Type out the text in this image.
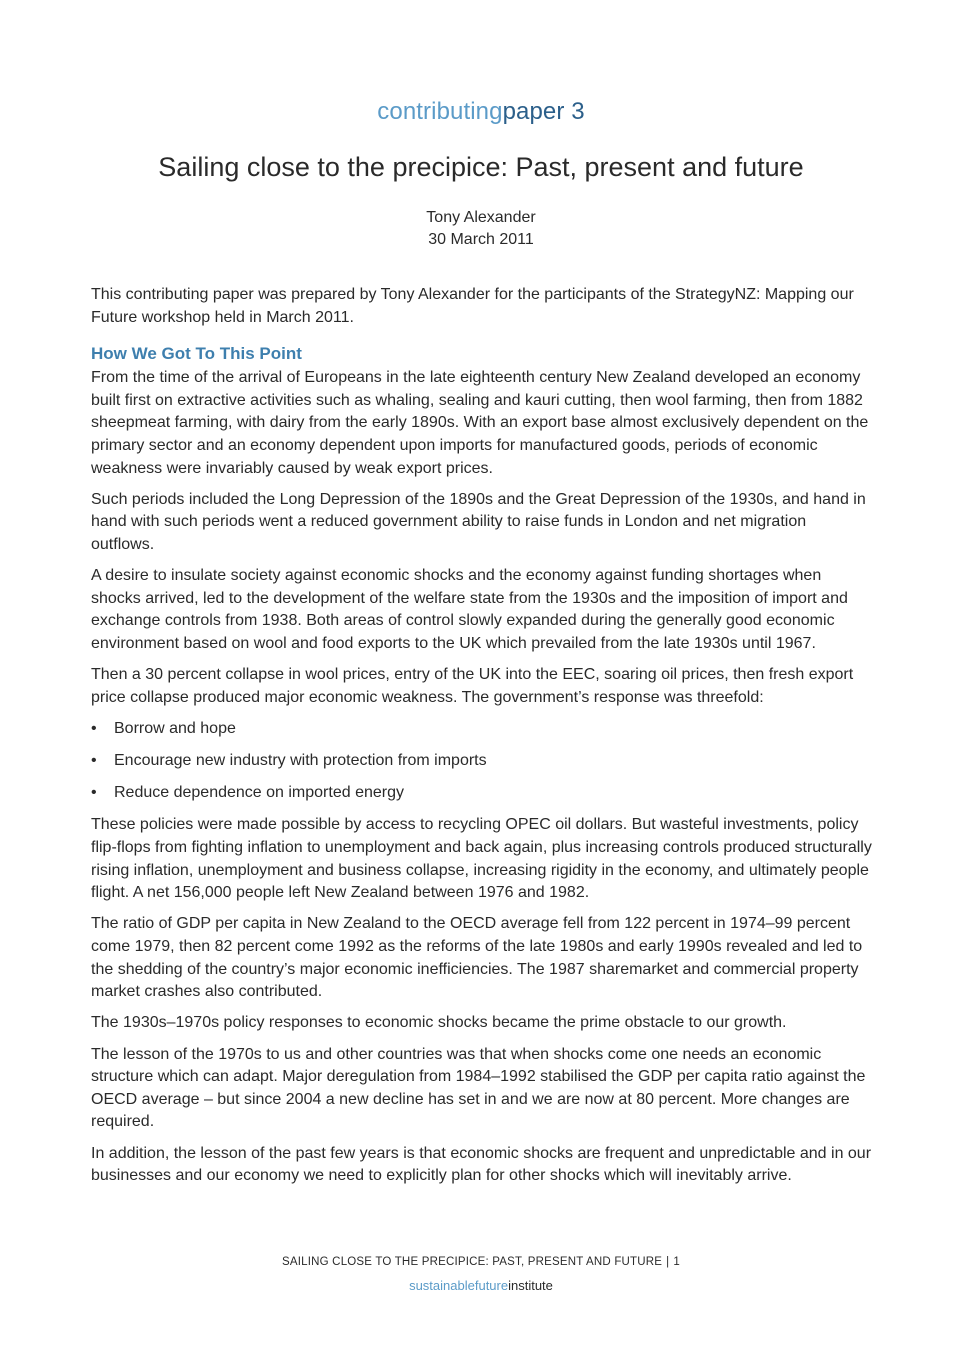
contributingpaper 3
Sailing close to the precipice: Past, present and future
Tony Alexander
30 March 2011

This contributing paper was prepared by Tony Alexander for the participants of the StrategyNZ: Mapping our Future workshop held in March 2011.

How We Got To This Point

From the time of the arrival of Europeans in the late eighteenth century New Zealand developed an economy built first on extractive activities such as whaling, sealing and kauri cutting, then wool farming, then from 1882 sheepmeat farming, with dairy from the early 1890s. With an export base almost exclusively dependent on the primary sector and an economy dependent upon imports for manufactured goods, periods of economic weakness were invariably caused by weak export prices.

Such periods included the Long Depression of the 1890s and the Great Depression of the 1930s, and hand in hand with such periods went a reduced government ability to raise funds in London and net migration outflows.

A desire to insulate society against economic shocks and the economy against funding shortages when shocks arrived, led to the development of the welfare state from the 1930s and the imposition of import and exchange controls from 1938. Both areas of control slowly expanded during the generally good economic environment based on wool and food exports to the UK which prevailed from the late 1930s until 1967.

Then a 30 percent collapse in wool prices, entry of the UK into the EEC, soaring oil prices, then fresh export price collapse produced major economic weakness. The government’s response was threefold:

• Borrow and hope
• Encourage new industry with protection from imports
• Reduce dependence on imported energy

These policies were made possible by access to recycling OPEC oil dollars. But wasteful investments, policy flip-flops from fighting inflation to unemployment and back again, plus increasing controls produced structurally rising inflation, unemployment and business collapse, increasing rigidity in the economy, and ultimately people flight. A net 156,000 people left New Zealand between 1976 and 1982.

The ratio of GDP per capita in New Zealand to the OECD average fell from 122 percent in 1974–99 percent come 1979, then 82 percent come 1992 as the reforms of the late 1980s and early 1990s revealed and led to the shedding of the country’s major economic inefficiencies. The 1987 sharemarket and commercial property market crashes also contributed.

The 1930s–1970s policy responses to economic shocks became the prime obstacle to our growth.

The lesson of the 1970s to us and other countries was that when shocks come one needs an economic structure which can adapt. Major deregulation from 1984–1992 stabilised the GDP per capita ratio against the OECD average – but since 2004 a new decline has set in and we are now at 80 percent. More changes are required.

In addition, the lesson of the past few years is that economic shocks are frequent and unpredictable and in our businesses and our economy we need to explicitly plan for other shocks which will inevitably arrive.

SAILING CLOSE TO THE PRECIPICE: PAST, PRESENT AND FUTURE | 1
sustainablefutureinstitute
